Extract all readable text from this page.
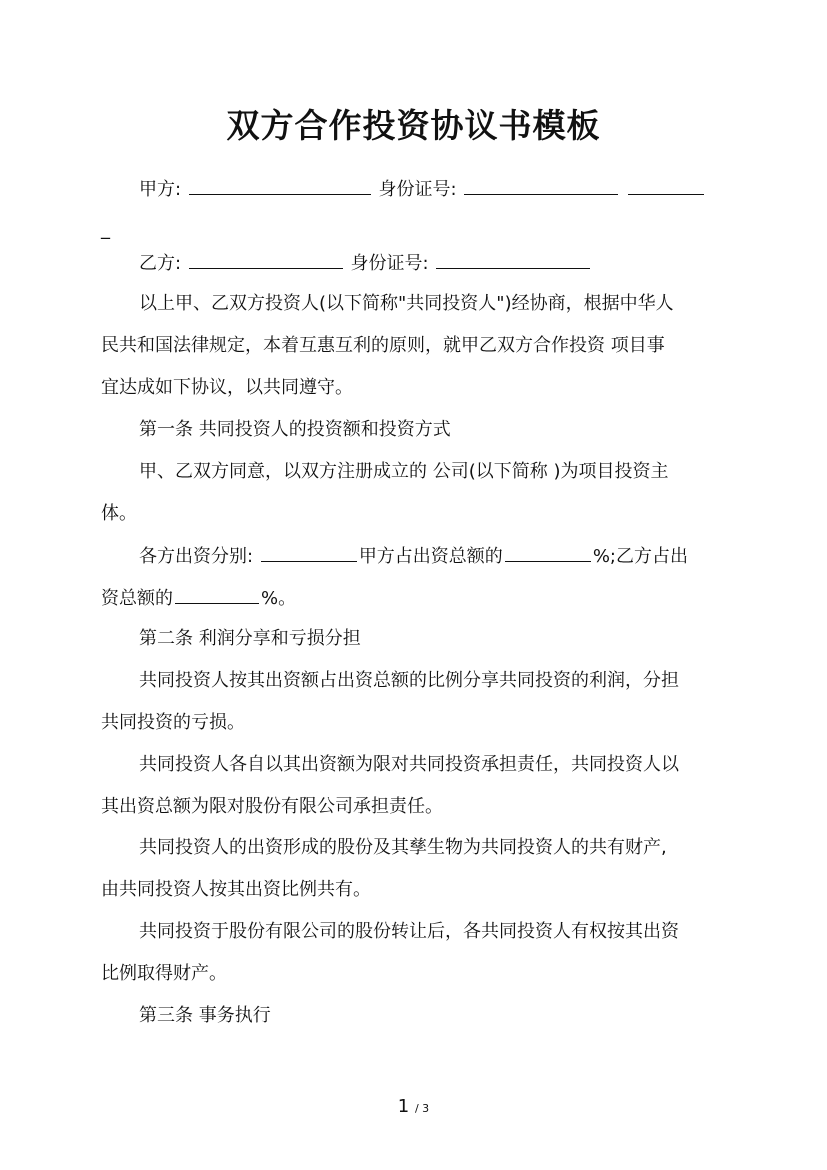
双方合作投资协议书模板
甲方:	身份证号:
_
乙方:	身份证号:
以上甲、乙双方投资人(以下简称"共同投资人")经协商，根据中华人
民共和国法律规定，本着互惠互利的原则，就甲乙双方合作投资 项目事
宜达成如下协议，以共同遵守。
第一条 共同投资人的投资额和投资方式
甲、乙双方同意，以双方注册成立的 公司(以下简称 )为项目投资主
体。
各方出资分别:	甲方占出资总额的	%;乙方占出
资总额的	%。
第二条 利润分享和亏损分担
共同投资人按其出资额占出资总额的比例分享共同投资的利润，分担
共同投资的亏损。
共同投资人各自以其出资额为限对共同投资承担责任，共同投资人以
其出资总额为限对股份有限公司承担责任。
共同投资人的出资形成的股份及其孳生物为共同投资人的共有财产,
由共同投资人按其出资比例共有。
共同投资于股份有限公司的股份转让后，各共同投资人有权按其出资
比例取得财产。
第三条 事务执行
1 / 3
